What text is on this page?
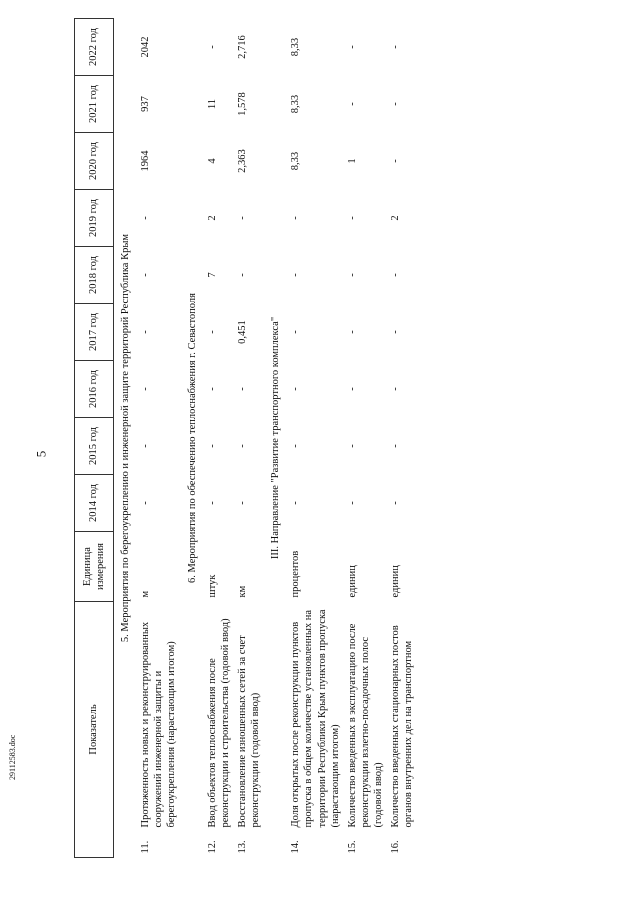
5
Показатель		Единица измерения	2014 год	2015 год	2016 год	2017 год	2018 год	2019 год	2020 год	2021 год	2022 год
5. Мероприятия по берегоукреплению и инженерной защите территорий Республика Крым											
11.	Протяженность новых и реконструированных сооружений инженерной защиты и берегоукрепления (нарастающим итогом)	м	-	-	-	-	-	-	1964	937	2042
6. Мероприятия по обеспечению теплоснабжения г. Севастополя											
12.	Ввод объектов теплоснабжения после реконструкции и строительства (годовой ввод)	штук	-	-	-	-	7	2	4	11	-
13.	Восстановление изношенных сетей за счет реконструкции (годовой ввод)	км	-	-	-	0,451	-	-	2,363	1,578	2,716
III. Направление "Развитие транспортного комплекса"											
14.	Доля открытых после реконструкции пунктов пропуска в общем количестве установленных на территории Республики Крым пунктов пропуска (нарастающим итогом)	процентов	-	-	-	-	-	-	8,33	8,33	8,33
15.	Количество введенных в эксплуатацию после реконструкции взлетно-посадочных полос (годовой ввод)	единиц	-	-	-	-	-	-	1	-	-
16.	Количество введенных стационарных постов органов внутренних дел на транспортном	единиц	-	-	-	-	-	2	-	-	-
29112583.doc
